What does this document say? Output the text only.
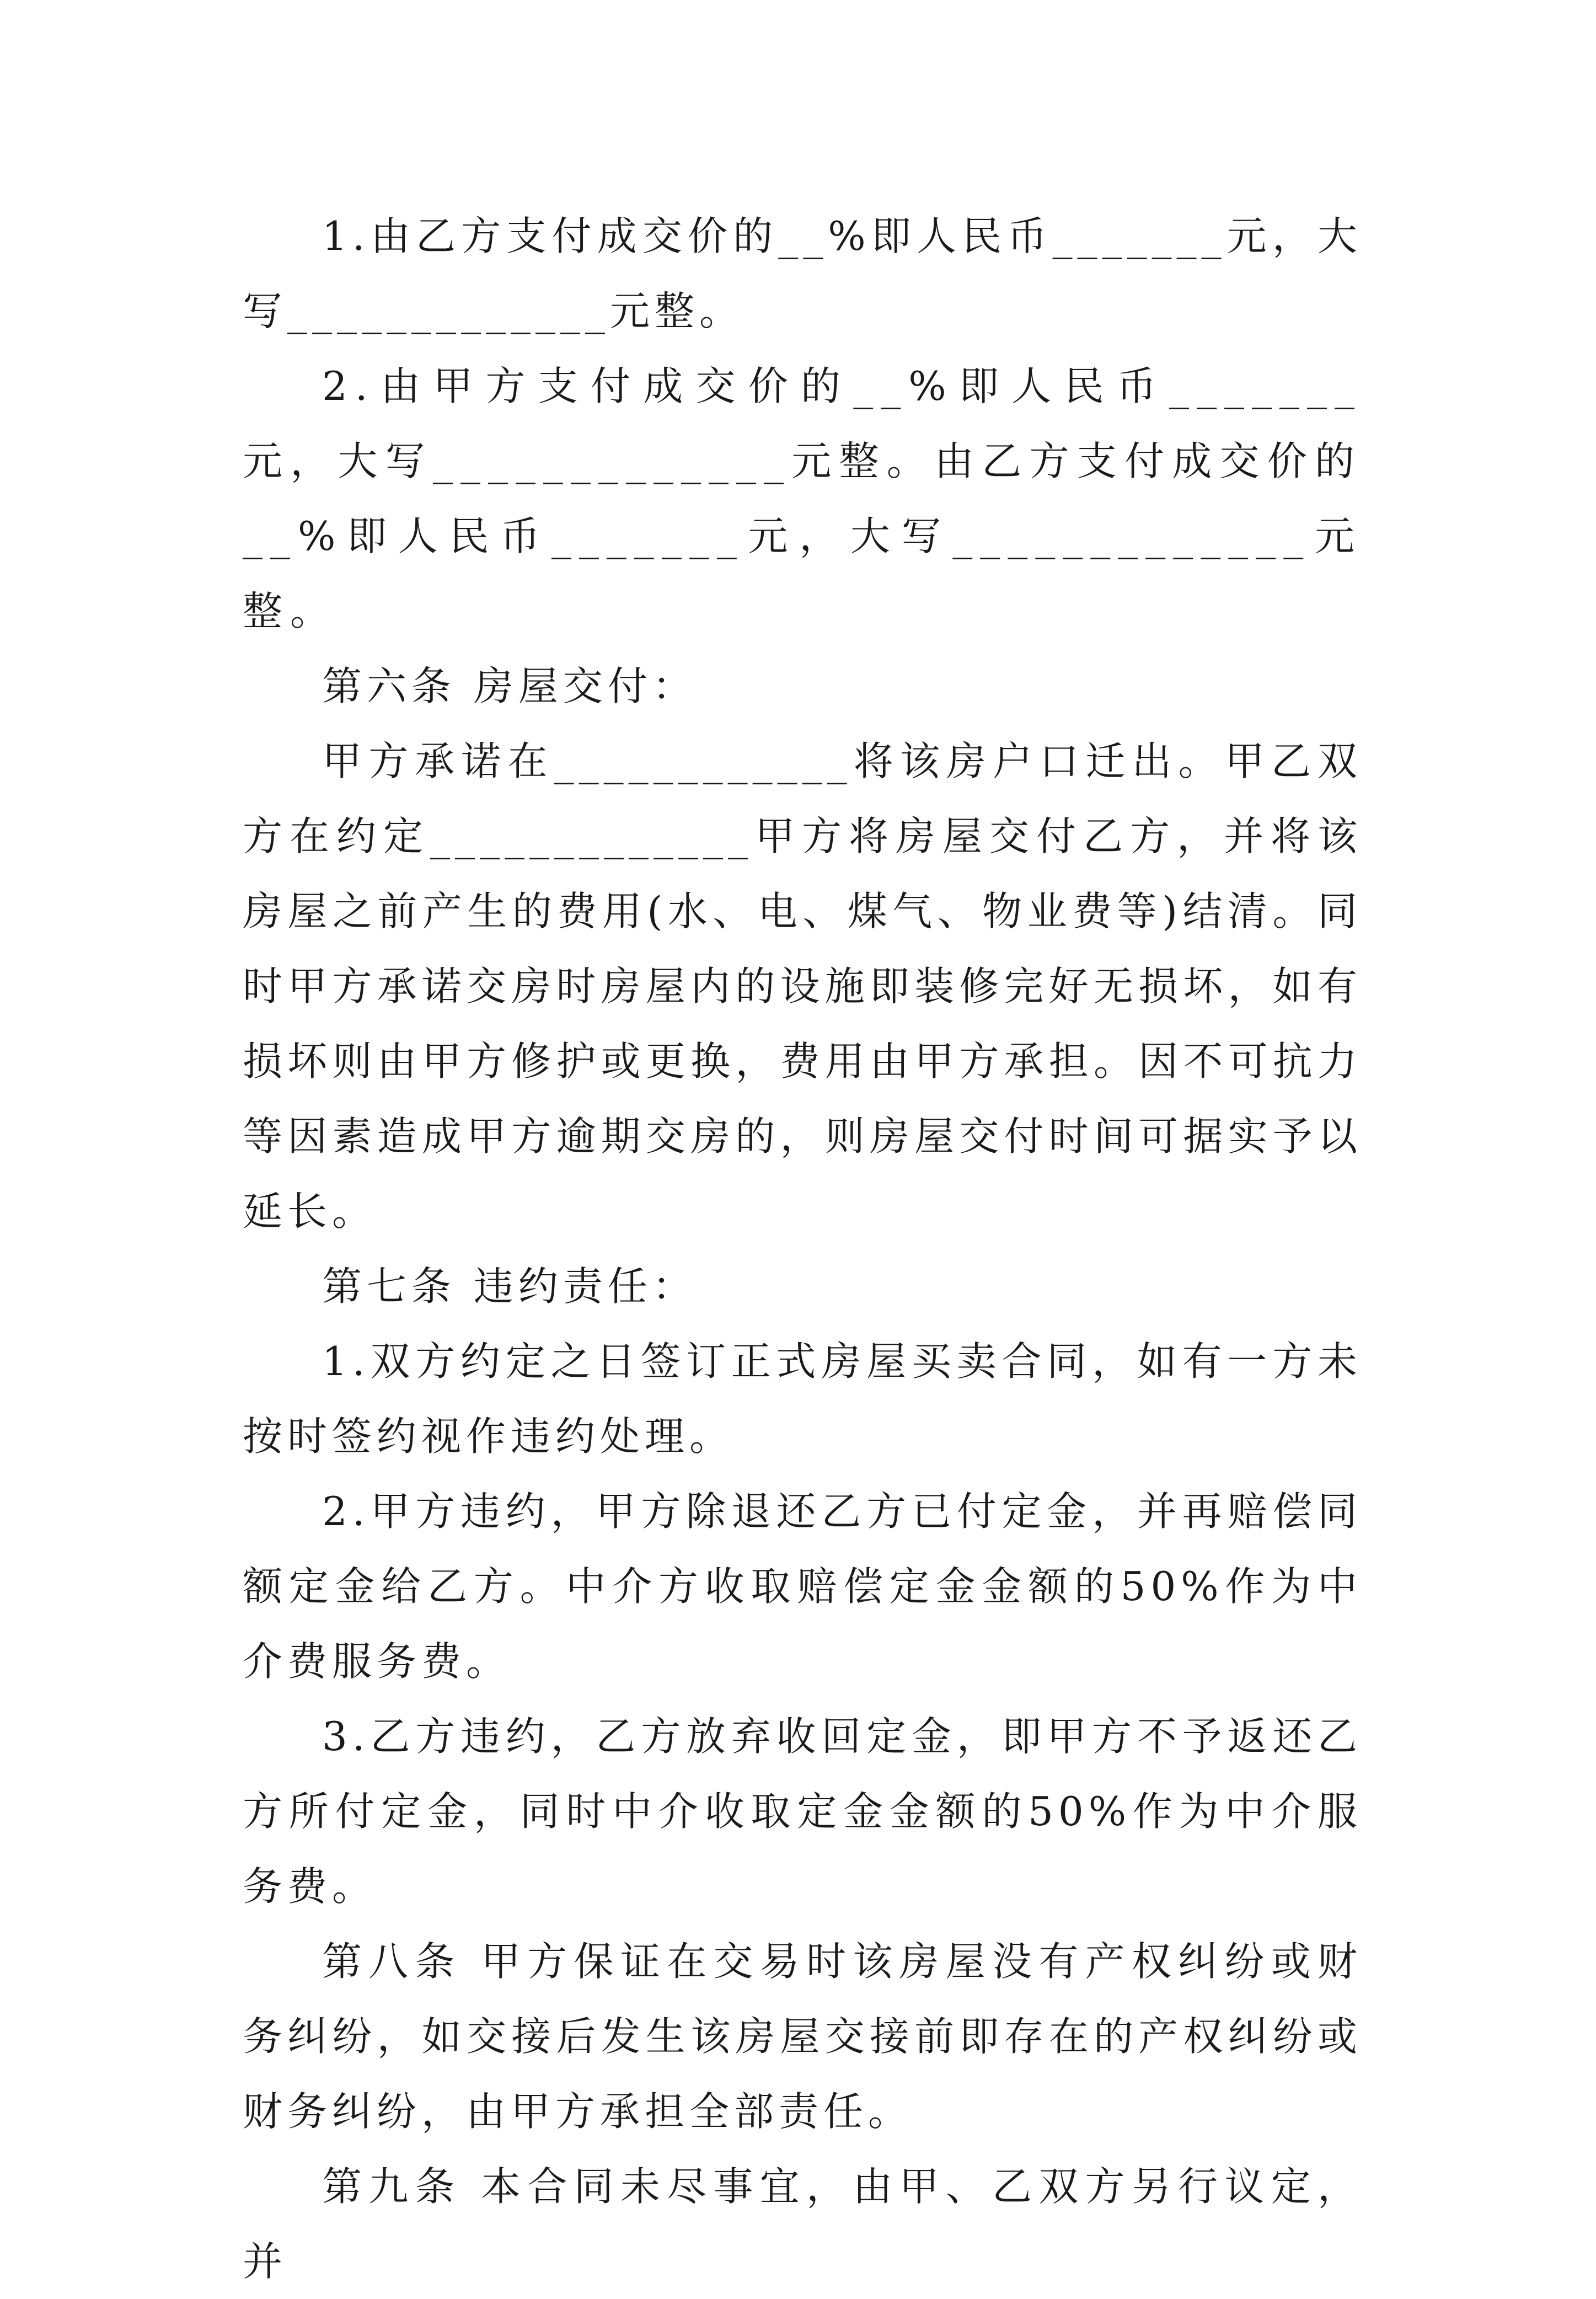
1.由乙方支付成交价的__%即人民币_______元，大写_____________元整。

2.由甲方支付成交价的__%即人民币_______元，大写_____________元整。由乙方支付成交价的__%即人民币_______元，大写_____________元整。

第六条 房屋交付：

甲方承诺在____________将该房户口迁出。甲乙双方在约定_____________甲方将房屋交付乙方，并将该房屋之前产生的费用(水、电、煤气、物业费等)结清。同时甲方承诺交房时房屋内的设施即装修完好无损坏，如有损坏则由甲方修护或更换，费用由甲方承担。因不可抗力等因素造成甲方逾期交房的，则房屋交付时间可据实予以延长。

第七条 违约责任：

1.双方约定之日签订正式房屋买卖合同，如有一方未按时签约视作违约处理。

2.甲方违约，甲方除退还乙方已付定金，并再赔偿同额定金给乙方。中介方收取赔偿定金金额的50%作为中介费服务费。

3.乙方违约，乙方放弃收回定金，即甲方不予返还乙方所付定金，同时中介收取定金金额的50%作为中介服务费。

第八条 甲方保证在交易时该房屋没有产权纠纷或财务纠纷，如交接后发生该房屋交接前即存在的产权纠纷或财务纠纷，由甲方承担全部责任。

第九条 本合同未尽事宜，由甲、乙双方另行议定，并
